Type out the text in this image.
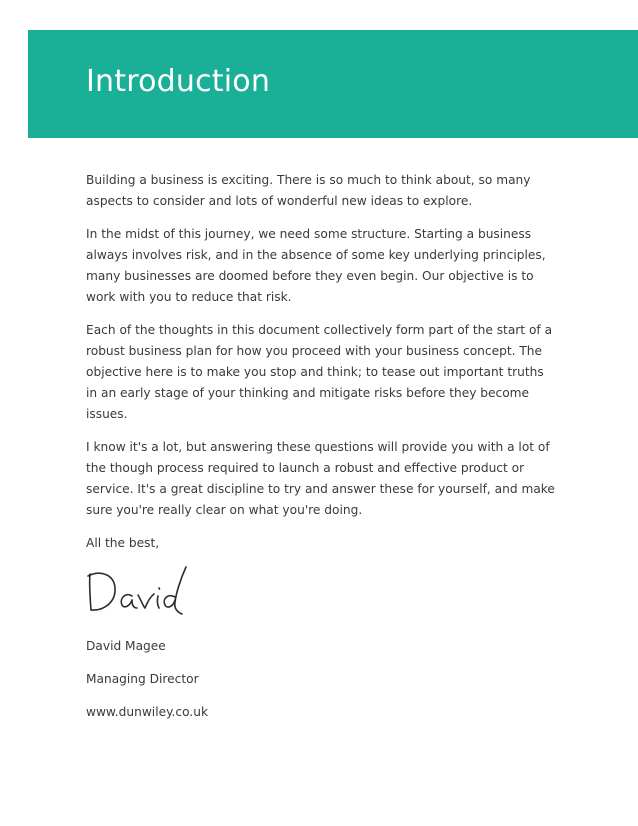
Introduction

Building a business is exciting. There is so much to think about, so many aspects to consider and lots of wonderful new ideas to explore.

In the midst of this journey, we need some structure. Starting a business always involves risk, and in the absence of some key underlying principles, many businesses are doomed before they even begin. Our objective is to work with you to reduce that risk.

Each of the thoughts in this document collectively form part of the start of a robust business plan for how you proceed with your business concept. The objective here is to make you stop and think; to tease out important truths in an early stage of your thinking and mitigate risks before they become issues.

I know it's a lot, but answering these questions will provide you with a lot of the though process required to launch a robust and effective product or service. It's a great discipline to try and answer these for yourself, and make sure you're really clear on what you're doing.

All the best,

David Magee

Managing Director

www.dunwiley.co.uk
